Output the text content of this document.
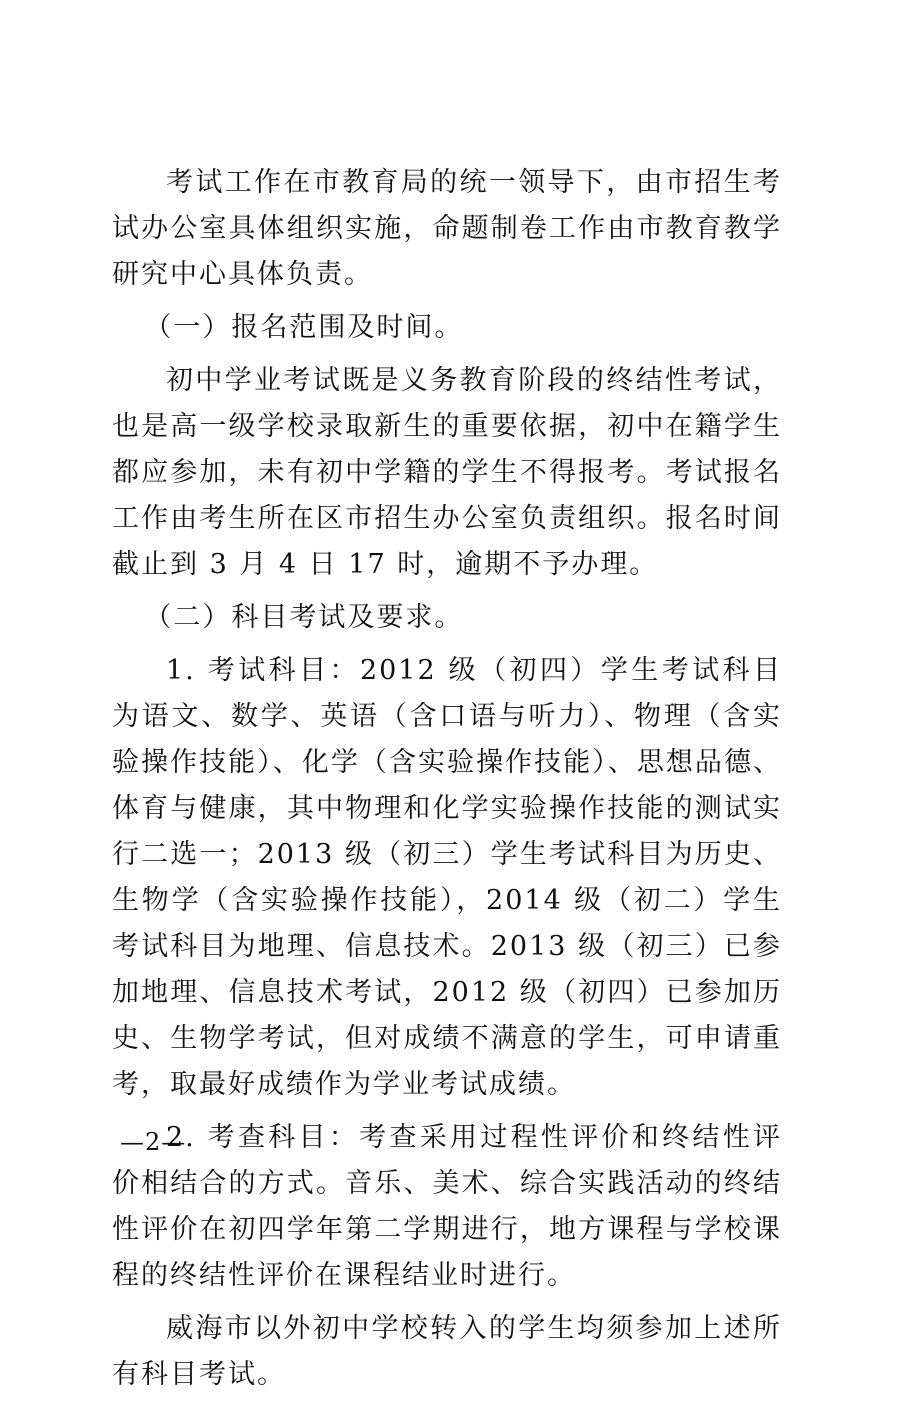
考试工作在市教育局的统一领导下，由市招生考试办公室具体组织实施，命题制卷工作由市教育教学研究中心具体负责。

（一）报名范围及时间。

初中学业考试既是义务教育阶段的终结性考试，也是高一级学校录取新生的重要依据，初中在籍学生都应参加，未有初中学籍的学生不得报考。考试报名工作由考生所在区市招生办公室负责组织。报名时间截止到 3 月 4 日 17 时，逾期不予办理。

（二）科目考试及要求。

1. 考试科目：2012 级（初四）学生考试科目为语文、数学、英语（含口语与听力）、物理（含实验操作技能）、化学（含实验操作技能）、思想品德、体育与健康，其中物理和化学实验操作技能的测试实行二选一；2013 级（初三）学生考试科目为历史、生物学（含实验操作技能），2014 级（初二）学生考试科目为地理、信息技术。2013 级（初三）已参加地理、信息技术考试，2012 级（初四）已参加历史、生物学考试，但对成绩不满意的学生，可申请重考，取最好成绩作为学业考试成绩。

2. 考查科目：考查采用过程性评价和终结性评价相结合的方式。音乐、美术、综合实践活动的终结性评价在初四学年第二学期进行，地方课程与学校课程的终结性评价在课程结业时进行。

威海市以外初中学校转入的学生均须参加上述所有科目考试。

—2—
